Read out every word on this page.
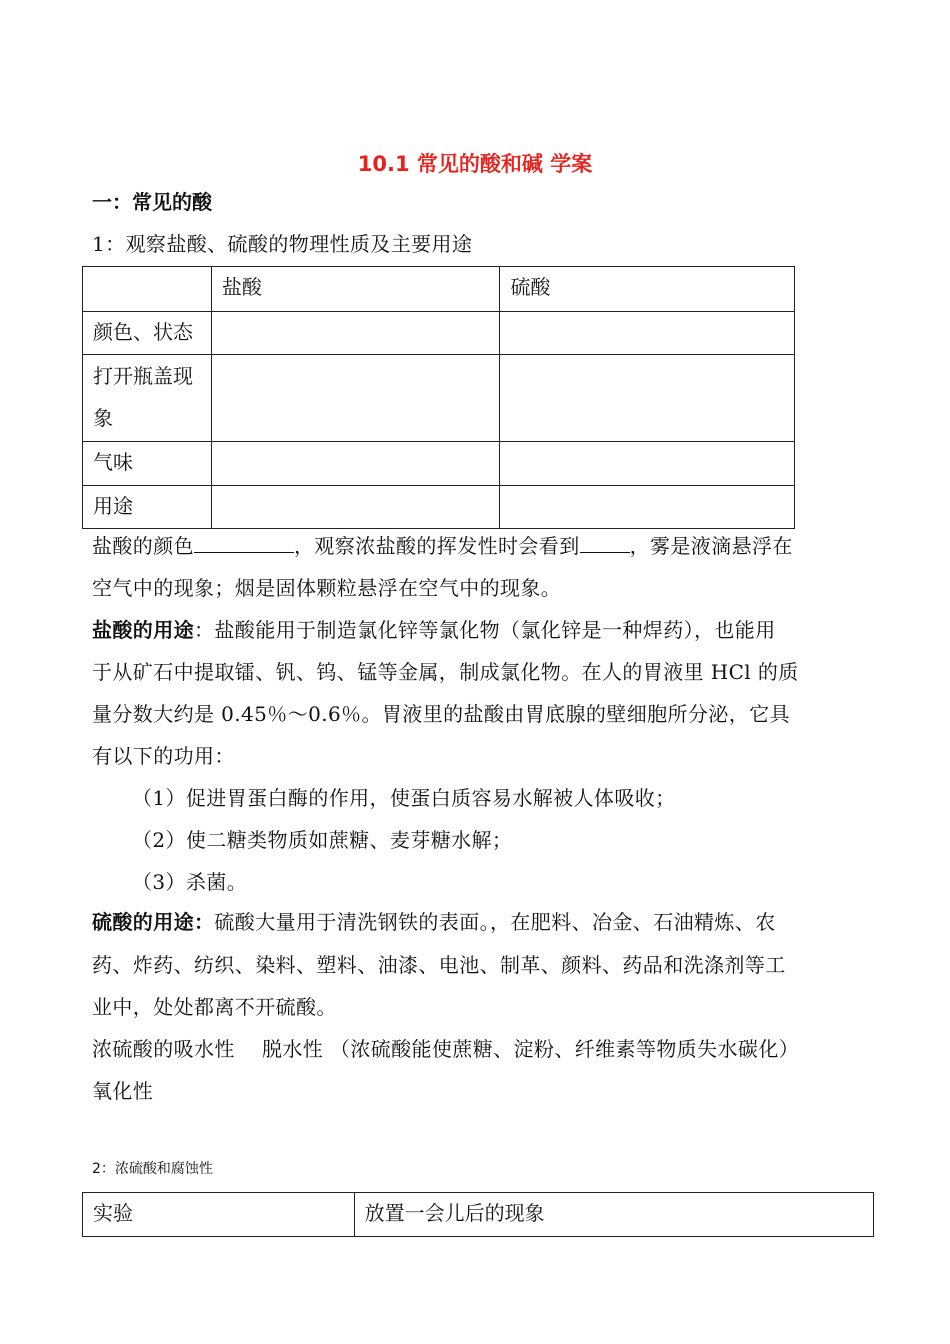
10.1 常见的酸和碱 学案
一：常见的酸
1：观察盐酸、硫酸的物理性质及主要用途
	盐酸	硫酸
颜色、状态		

打开瓶盖现
象		

气味		
用途		
盐酸的颜色	，观察浓盐酸的挥发性时会看到	，雾是液滴悬浮在
空气中的现象；烟是固体颗粒悬浮在空气中的现象。
盐酸的用途：盐酸能用于制造氯化锌等氯化物（氯化锌是一种焊药），也能用
于从矿石中提取镭、钒、钨、锰等金属，制成氯化物。在人的胃液里 HCl 的质
量分数大约是 0.45％～0.6％。胃液里的盐酸由胃底腺的壁细胞所分泌，它具
有以下的功用：
（1）促进胃蛋白酶的作用，使蛋白质容易水解被人体吸收；
（2）使二糖类物质如蔗糖、麦芽糖水解；
（3）杀菌。
硫酸的用途：硫酸大量用于清洗钢铁的表面。，在肥料、冶金、石油精炼、农
药、炸药、纺织、染料、塑料、油漆、电池、制革、颜料、药品和洗涤剂等工
业中，处处都离不开硫酸。
浓硫酸的吸水性　 脱水性 （浓硫酸能使蔗糖、淀粉、纤维素等物质失水碳化）
氧化性
2：浓硫酸和腐蚀性
实验	放置一会儿后的现象
